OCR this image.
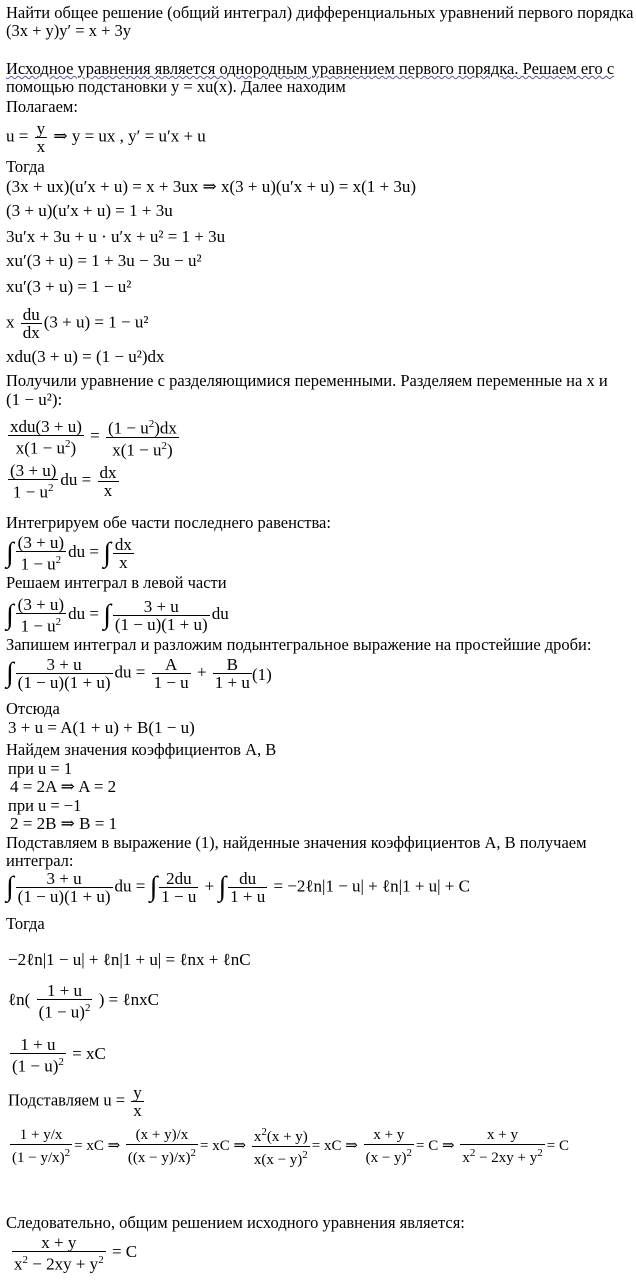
Найти общее решение (общий интеграл) дифференциальных уравнений первого порядка
(3x + y)y′ = x + 3y
Исходное уравнения является однородным уравнением первого порядка. Решаем его с
помощью подстановки y = xu(x). Далее находим
Полагаем:
$u = \frac{y}{x}$ ⇒ y = ux , y′ = u′x + u
Тогда
(3x + ux)(u′x + u) = x + 3ux ⇒ x(3 + u)(u′x + u) = x(1 + 3u)
(3 + u)(u′x + u) = 1 + 3u
3u′x + 3u + u · u′x + u² = 1 + 3u
xu′(3 + u) = 1 + 3u − 3u − u²
xu′(3 + u) = 1 − u²
x $\frac{du}{dx} (3 + u) = 1 - u^2$
xdu(3 + u) = (1 − u²)dx
Получили уравнение с разделяющимися переменными. Разделяем переменные на x и
(1 − u²):
$\frac{\text{xdu(3 + u)}}{x(1 - u^2)} = \frac{(1 - u^2)dx}{x(1 - u^2)}$
$\frac{(3 + u)}{1 - u^2}$ du = $\frac{dx}{x}$
Интегрируем обе части последнего равенства:
∫ $\frac{(3 + u)}{1 - u^2}$ du = ∫ $\frac{dx}{x}$
Решаем интеграл в левой части
∫ $\frac{(3 + u)}{1 - u^2}$ du = ∫ $\frac{3 + u}{(1 - u)(1 + u)}$ du
Запишем интеграл и разложим подынтегральное выражение на простейшие дроби:
∫ $\frac{3 + u}{(1 - u)(1 + u)}$ du = $\frac{A}{1 - u} + \frac{B}{1 + u} (1)$
Отсюда
3 + u = A(1 + u) + B(1 − u)
Найдем значения коэффициентов A, B
при u = 1
4 = 2A ⇒ A = 2
при u = −1
2 = 2B ⇒ B = 1
Подставляем в выражение (1), найденные значения коэффициентов A, B получаем
интеграл:
∫ $\frac{3 + u}{(1 - u)(1 + u)}$ du = ∫ $\frac{2du}{1 - u}$ + ∫ $\frac{du}{1 + u}$ = −2ℓn|1 − u| + ℓn|1 + u| + C
Тогда
−2ℓn|1 − u| + ℓn|1 + u| = ℓnx + ℓnC
ℓn( $\frac{1 + u}{(1 - u)^2}$ ) = ℓnxC
$\frac{1 + u}{(1 - u)^2}$ = xC
Подставляем $u = \frac{y}{x}$
$\frac{1 + y/x}{(1 - y/x)^2}$ = xC ⇒ $\frac{(x + y)/x}{((x - y)/x)^2}$ = xC ⇒ $\frac{x^2(x + y)}{x(x - y)^2}$ = xC ⇒ $\frac{x + y}{(x - y)^2} = C$ ⇒ $\frac{x + y}{x^2 - 2xy + y^2} = C$
Следовательно, общим решением исходного уравнения является:
$\frac{x + y}{x^2 - 2xy + y^2} = C$
